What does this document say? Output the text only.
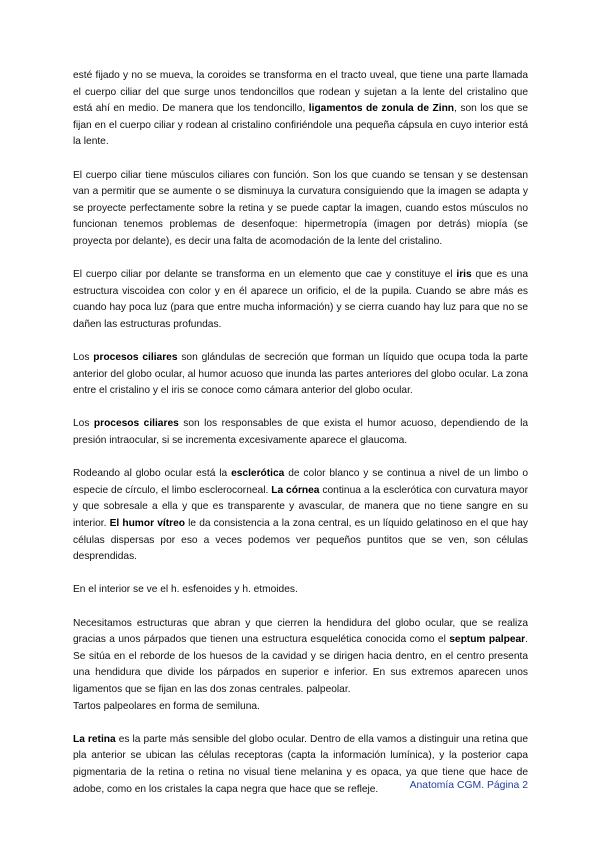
esté fijado y no se mueva, la coroides se transforma en el tracto uveal, que tiene una parte llamada el cuerpo ciliar del que surge unos tendoncillos que rodean y sujetan a la lente del cristalino que está ahí en medio. De manera que los tendoncillo, ligamentos de zonula de Zinn, son los que se fijan en el cuerpo ciliar y rodean al cristalino confiriéndole una pequeña cápsula en cuyo interior está la lente.

El cuerpo ciliar tiene músculos ciliares con función. Son los que cuando se tensan y se destensan van a permitir que se aumente o se disminuya la curvatura consiguiendo que la imagen se adapta y se proyecte perfectamente sobre la retina y se puede captar la imagen, cuando estos músculos no funcionan tenemos problemas de desenfoque: hipermetropía (imagen por detrás) miopía (se proyecta por delante), es decir una falta de acomodación de la lente del cristalino.

El cuerpo ciliar por delante se transforma en un elemento que cae y constituye el iris que es una estructura viscoidea con color y en él aparece un orificio, el de la pupila. Cuando se abre más es cuando hay poca luz (para que entre mucha información) y se cierra cuando hay luz para que no se dañen las estructuras profundas.

Los procesos ciliares son glándulas de secreción que forman un líquido que ocupa toda la parte anterior del globo ocular, al humor acuoso que inunda las partes anteriores del globo ocular. La zona entre el cristalino y el iris se conoce como cámara anterior del globo ocular.

Los procesos ciliares son los responsables de que exista el humor acuoso, dependiendo de la presión intraocular, si se incrementa excesivamente aparece el glaucoma.

Rodeando al globo ocular está la esclerótica de color blanco y se continua a nivel de un limbo o especie de círculo, el limbo esclerocorneal. La córnea continua a la esclerótica con curvatura mayor y que sobresale a ella y que es transparente y avascular, de manera que no tiene sangre en su interior. El humor vítreo le da consistencia a la zona central, es un líquido gelatinoso en el que hay células dispersas por eso a veces podemos ver pequeños puntitos que se ven, son células desprendidas.

En el interior se ve el h. esfenoides y h. etmoides.

Necesitamos estructuras que abran y que cierren la hendidura del globo ocular, que se realiza gracias a unos párpados que tienen una estructura esquelética conocida como el septum palpear. Se sitúa en el reborde de los huesos de la cavidad y se dirigen hacia dentro, en el centro presenta una hendidura que divide los párpados en superior e inferior. En sus extremos aparecen unos ligamentos que se fijan en las dos zonas centrales. palpeolar.

Tartos palpeolares en forma de semiluna.

La retina es la parte más sensible del globo ocular. Dentro de ella vamos a distinguir una retina que pla anterior se ubican las células receptoras (capta la información lumínica), y la posterior capa pigmentaria de la retina o retina no visual tiene melanina y es opaca, ya que tiene que hace de adobe, como en los cristales la capa negra que hace que se refleje.	Anatomía CGM. Página 2
